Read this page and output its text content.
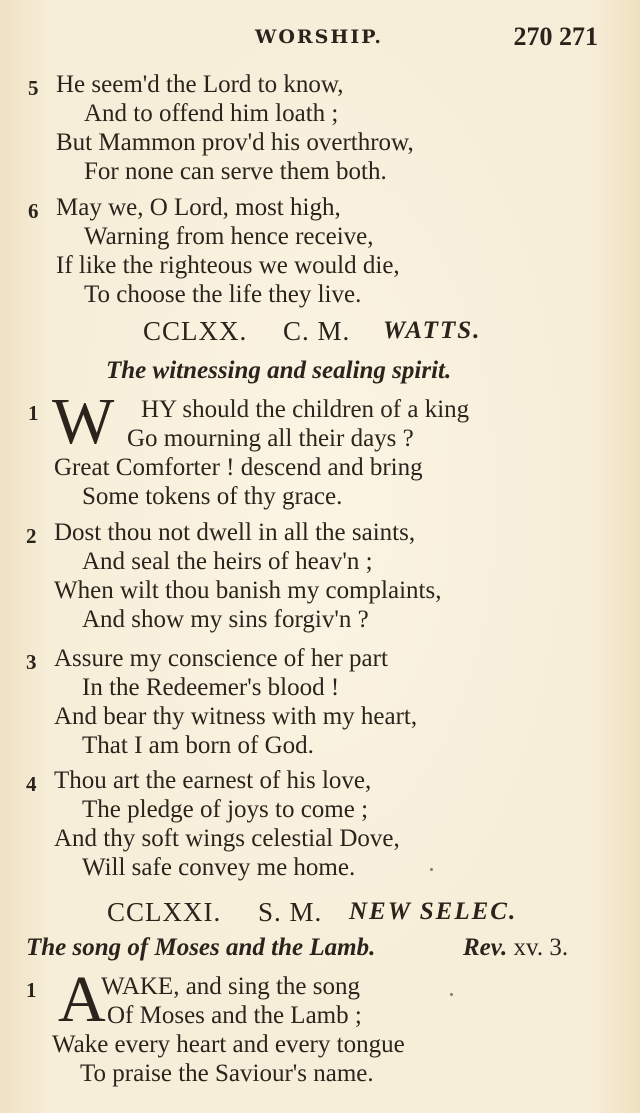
WORSHIP.	270 271
5 He seem'd the Lord to know,
And to offend him loath ;
But Mammon prov'd his overthrow,
For none can serve them both.
6 May we, O Lord, most high,
Warning from hence receive,
If like the righteous we would die,
To choose the life they live.
CCLXX. C. M. WATTS.
The witnessing and sealing spirit.
1 W HY should the children of a king
Go mourning all their days ?
Great Comforter ! descend and bring
Some tokens of thy grace.
2 Dost thou not dwell in all the saints,
And seal the heirs of heav'n ;
When wilt thou banish my complaints,
And show my sins forgiv'n ?
3 Assure my conscience of her part
In the Redeemer's blood !
And bear thy witness with my heart,
That I am born of God.
4 Thou art the earnest of his love,
The pledge of joys to come ;
And thy soft wings celestial Dove,
Will safe convey me home.
CCLXXI. S. M. NEW SELEC.
The song of Moses and the Lamb.	Rev. xv. 3.
1 A
WAKE, and sing the song
Of Moses and the Lamb ;
Wake every heart and every tongue
To praise the Saviour's name.
